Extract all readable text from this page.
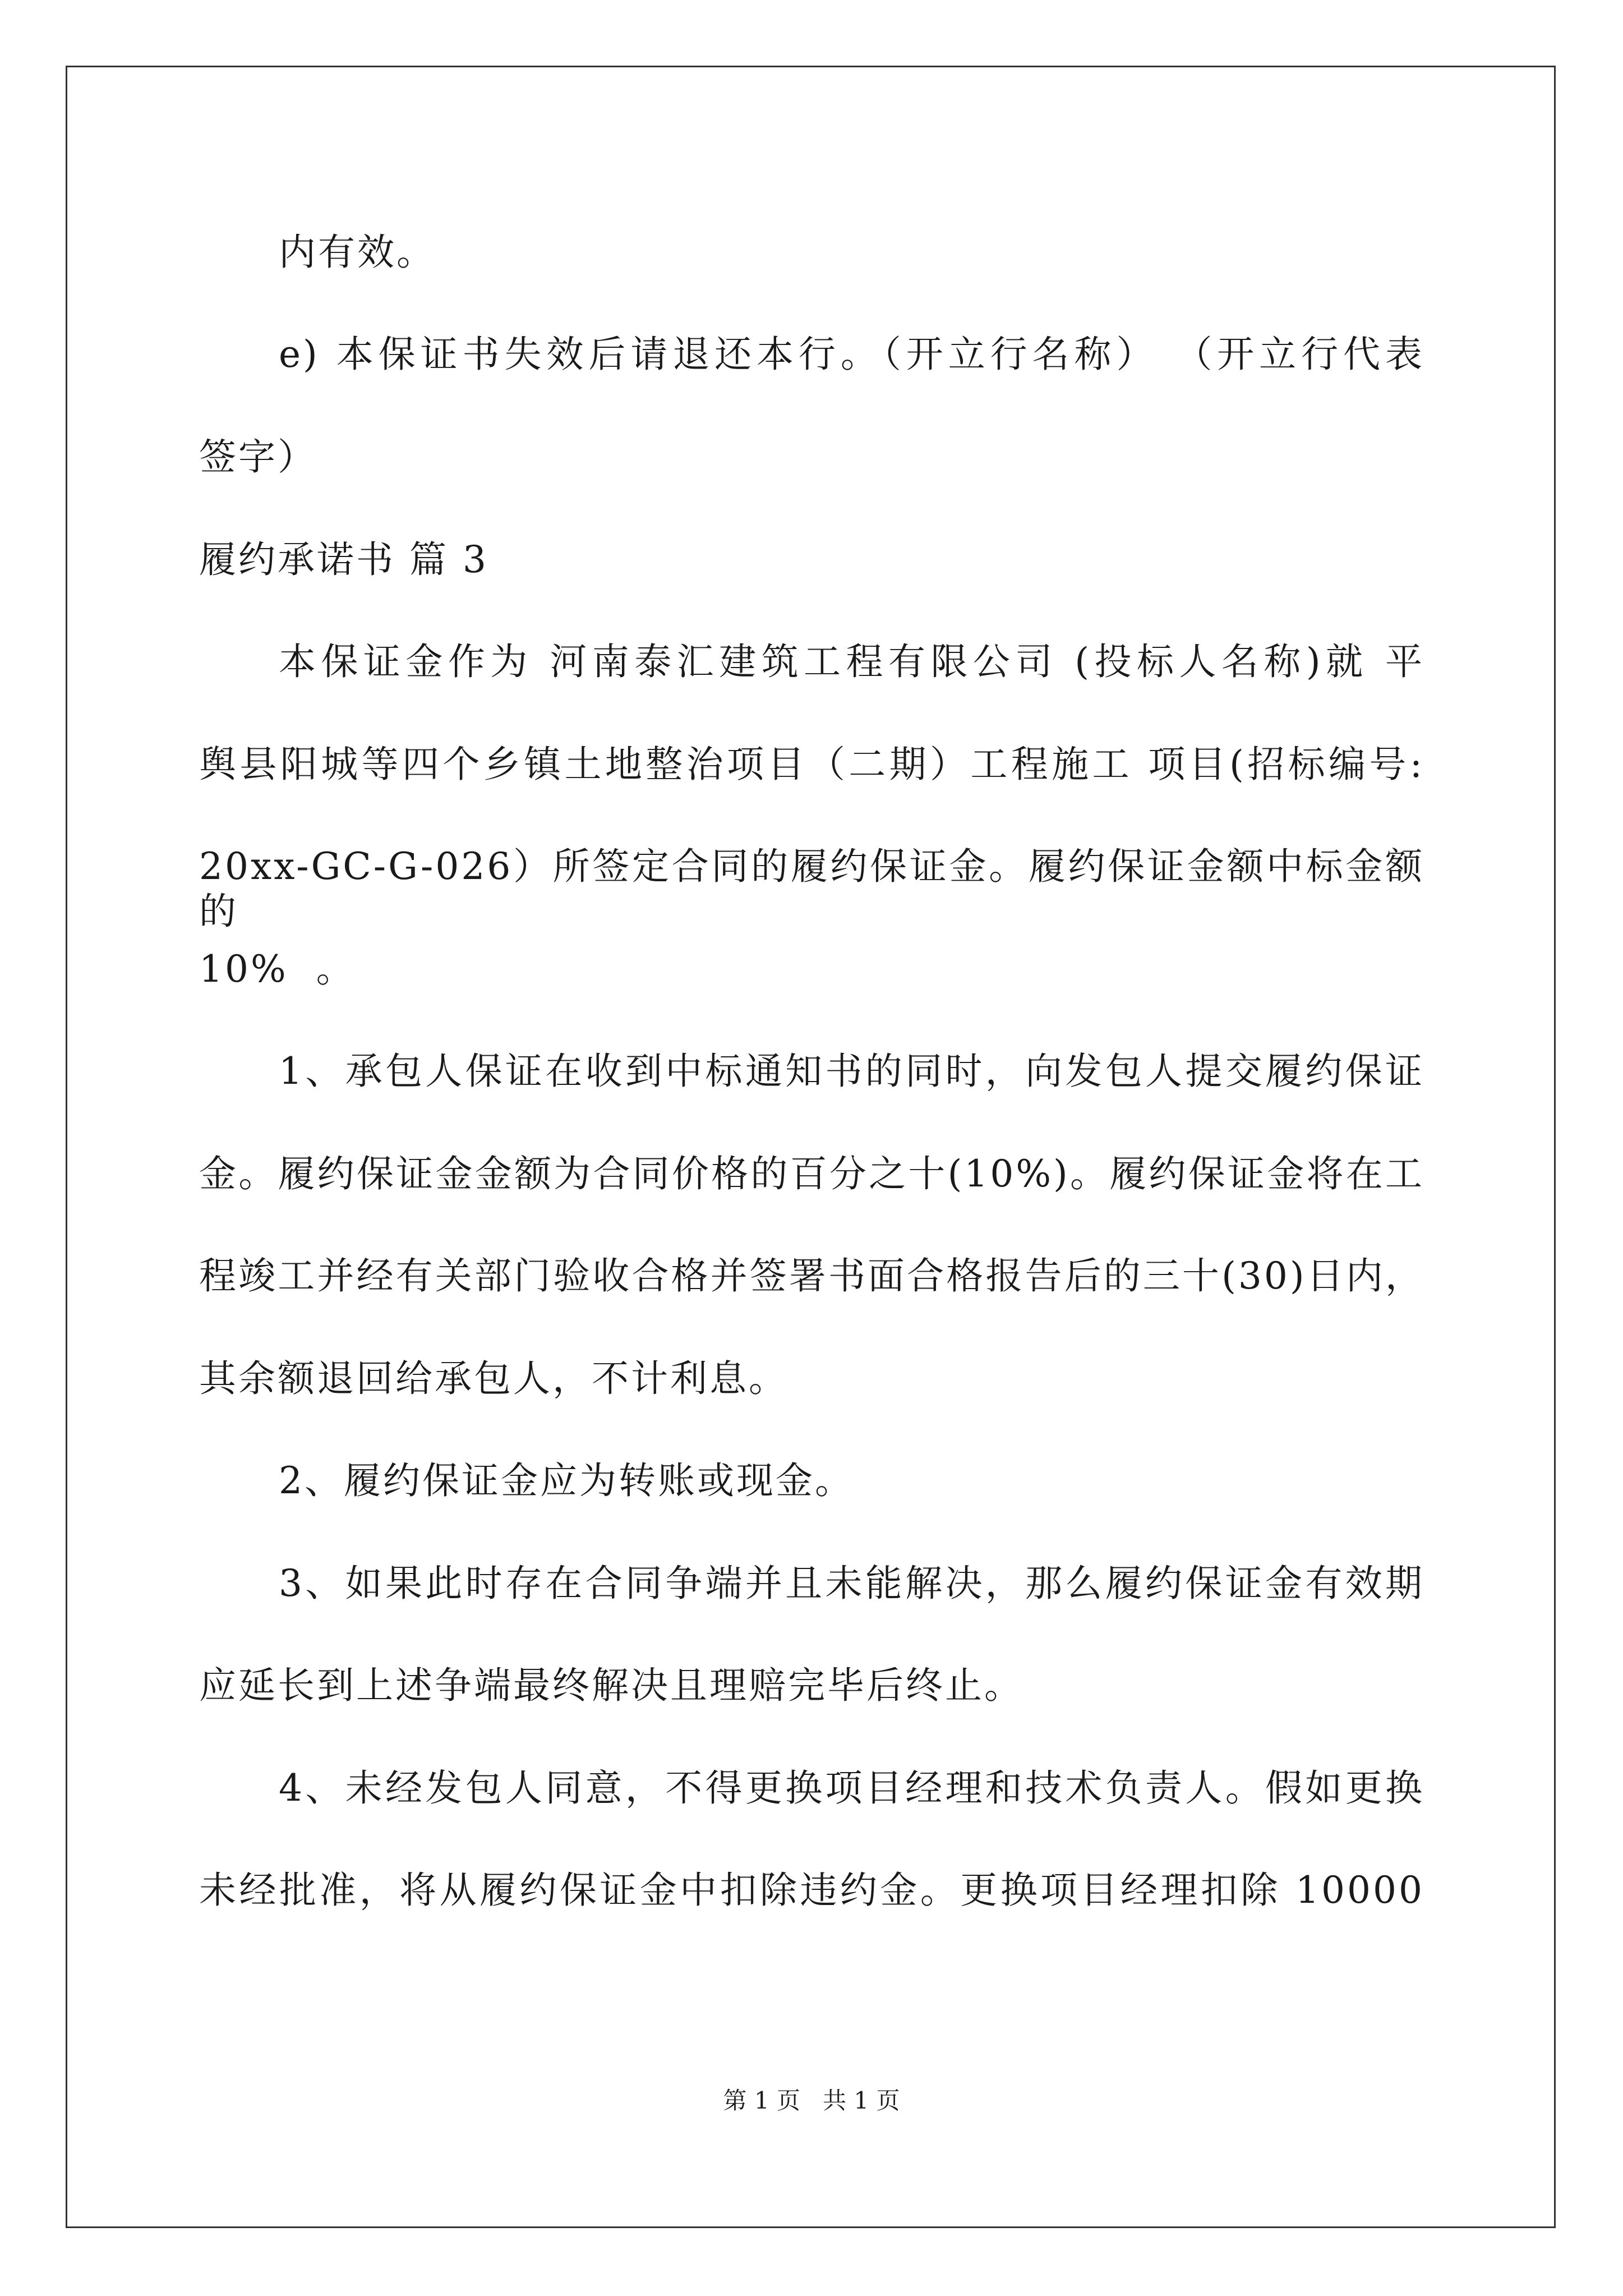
内有效。
e) 本保证书失效后请退还本行。（开立行名称） （开立行代表
签字）
履约承诺书 篇 3
本保证金作为 河南泰汇建筑工程有限公司 (投标人名称)就 平
舆县阳城等四个乡镇土地整治项目（二期）工程施工 项目(招标编号:
20xx-GC-G-026）所签定合同的履约保证金。履约保证金额中标金额的
10%  。
1、承包人保证在收到中标通知书的同时，向发包人提交履约保证
金。履约保证金金额为合同价格的百分之十(10%)。履约保证金将在工
程竣工并经有关部门验收合格并签署书面合格报告后的三十(30)日内，
其余额退回给承包人，不计利息。
2、履约保证金应为转账或现金。
3、如果此时存在合同争端并且未能解决，那么履约保证金有效期
应延长到上述争端最终解决且理赔完毕后终止。
4、未经发包人同意，不得更换项目经理和技术负责人。假如更换
未经批准，将从履约保证金中扣除违约金。更换项目经理扣除 10000
第 1 页   共 1 页
